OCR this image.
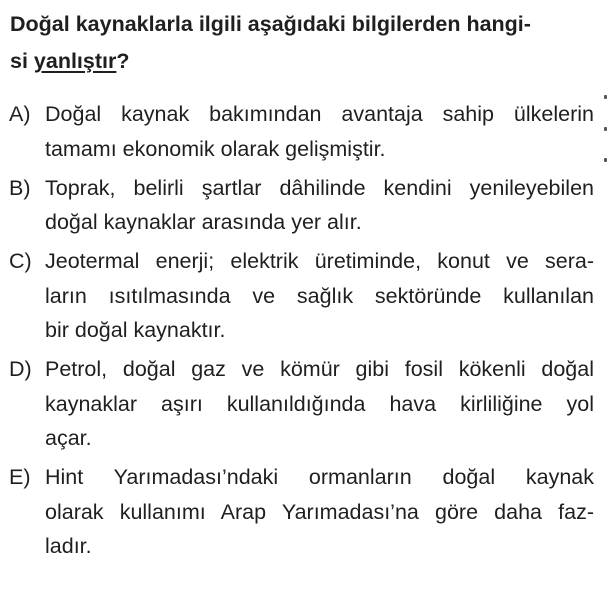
Doğal kaynaklarla ilgili aşağıdaki bilgilerden hangi-
si yanlıştır?

A) Doğal kaynak bakımından avantaja sahip ülkelerin
tamamı ekonomik olarak gelişmiştir.
B) Toprak, belirli şartlar dâhilinde kendini yenileyebilen
doğal kaynaklar arasında yer alır.
C) Jeotermal enerji; elektrik üretiminde, konut ve sera-
ların ısıtılmasında ve sağlık sektöründe kullanılan
bir doğal kaynaktır.
D) Petrol, doğal gaz ve kömür gibi fosil kökenli doğal
kaynaklar aşırı kullanıldığında hava kirliliğine yol
açar.
E) Hint Yarımadası’ndaki ormanların doğal kaynak
olarak kullanımı Arap Yarımadası’na göre daha faz-
ladır.
